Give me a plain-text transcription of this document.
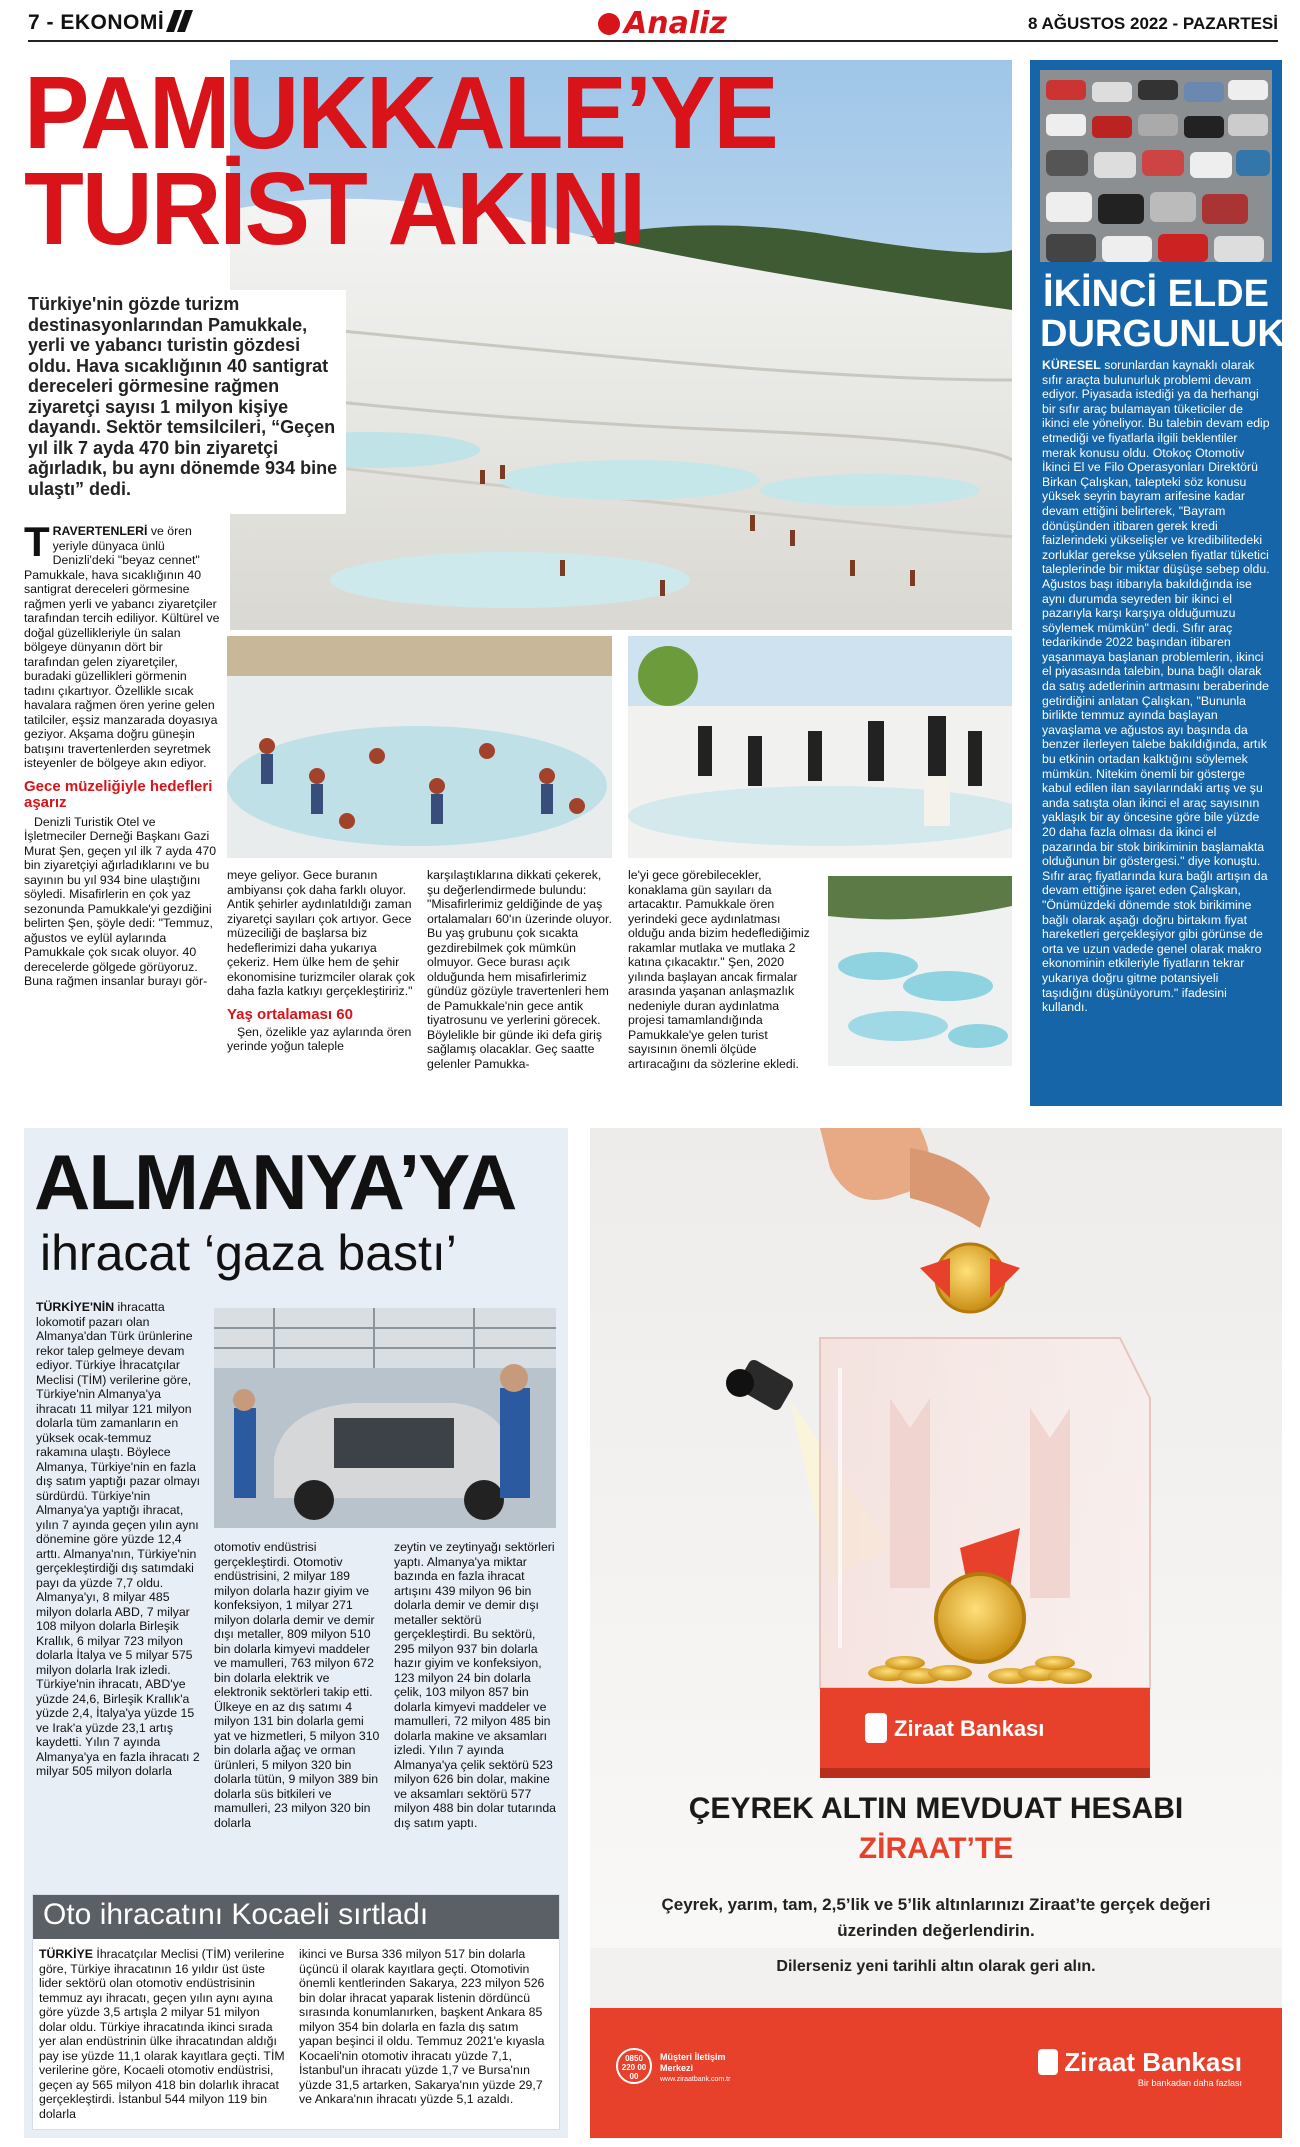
7 - EKONOMİ	Analiz	8 AĞUSTOS 2022 - PAZARTESİ
PAMUKKALE’YE
TURİST AKINI

Türkiye'nin gözde turizm destinasyonlarından Pamukkale, yerli ve yabancı turistin gözdesi oldu. Hava sıcaklığının 40 santigrat dereceleri görmesine rağmen ziyaretçi sayısı 1 milyon kişiye dayandı. Sektör temsilcileri, “Geçen yıl ilk 7 ayda 470 bin ziyaretçi ağırladık, bu aynı dönemde 934 bine ulaştı” dedi.

TRAVERTENLERİ ve ören yeriyle dünyaca ünlü Denizli'deki "beyaz cennet" Pamukkale, hava sıcaklığının 40 santigrat dereceleri görmesine rağmen yerli ve yabancı ziyaretçiler tarafından tercih ediliyor. Kültürel ve doğal güzellikleriyle ün salan bölgeye dünyanın dört bir tarafından gelen ziyaretçiler, buradaki güzellikleri görmenin tadını çıkartıyor. Özellikle sıcak havalara rağmen ören yerine gelen tatilciler, eşsiz manzarada doyasıya geziyor. Akşama doğru güneşin batışını travertenlerden seyretmek isteyenler de bölgeye akın ediyor.

Gece müzeliğiyle hedefleri aşarız

Denizli Turistik Otel ve İşletmeciler Derneği Başkanı Gazi Murat Şen, geçen yıl ilk 7 ayda 470 bin ziyaretçiyi ağırladıklarını ve bu sayının bu yıl 934 bine ulaştığını söyledi. Misafirlerin en çok yaz sezonunda Pamukkale'yi gezdiğini belirten Şen, şöyle dedi: "Temmuz, ağustos ve eylül aylarında Pamukkale çok sıcak oluyor. 40 derecelerde gölgede görüyoruz. Buna rağmen insanlar burayı gör-

meye geliyor. Gece buranın ambiyansı çok daha farklı oluyor. Antik şehirler aydınlatıldığı zaman ziyaretçi sayıları çok artıyor. Gece müzeciliği de başlarsa biz hedeflerimizi daha yukarıya çekeriz. Hem ülke hem de şehir ekonomisine turizmciler olarak çok daha fazla katkıyı gerçekleştiririz."

Yaş ortalaması 60

Şen, özelikle yaz aylarında ören yerinde yoğun taleple

karşılaştıklarına dikkati çekerek, şu değerlendirmede bulundu: "Misafirlerimiz geldiğinde de yaş ortalamaları 60'ın üzerinde oluyor. Bu yaş grubunu çok sıcakta gezdirebilmek çok mümkün olmuyor. Gece burası açık olduğunda hem misafirlerimiz gündüz gözüyle travertenleri hem de Pamukkale'nin gece antik tiyatrosunu ve yerlerini görecek. Böylelikle bir günde iki defa giriş sağlamış olacaklar. Geç saatte gelenler Pamukka-

le'yi gece görebilecekler, konaklama gün sayıları da artacaktır. Pamukkale ören yerindeki gece aydınlatması olduğu anda bizim hedeflediğimiz rakamlar mutlaka ve mutlaka 2 katına çıkacaktır." Şen, 2020 yılında başlayan ancak firmalar arasında yaşanan anlaşmazlık nedeniyle duran aydınlatma projesi tamamlandığında Pamukkale'ye gelen turist sayısının önemli ölçüde artıracağını da sözlerine ekledi.

İKİNCİ ELDE
DURGUNLUK

KÜRESEL sorunlardan kaynaklı olarak sıfır araçta bulunurluk problemi devam ediyor. Piyasada istediği ya da herhangi bir sıfır araç bulamayan tüketiciler de ikinci ele yöneliyor. Bu talebin devam edip etmediği ve fiyatlarla ilgili beklentiler merak konusu oldu. Otokoç Otomotiv İkinci El ve Filo Operasyonları Direktörü Birkan Çalışkan, talepteki söz konusu yüksek seyrin bayram arifesine kadar devam ettiğini belirterek, "Bayram dönüşünden itibaren gerek kredi faizlerindeki yükselişler ve kredibilitedeki zorluklar gerekse yükselen fiyatlar tüketici taleplerinde bir miktar düşüşe sebep oldu. Ağustos başı itibarıyla bakıldığında ise aynı durumda seyreden bir ikinci el pazarıyla karşı karşıya olduğumuzu söylemek mümkün" dedi. Sıfır araç tedarikinde 2022 başından itibaren yaşanmaya başlanan problemlerin, ikinci el piyasasında talebin, buna bağlı olarak da satış adetlerinin artmasını beraberinde getirdiğini anlatan Çalışkan, "Bununla birlikte temmuz ayında başlayan yavaşlama ve ağustos ayı başında da benzer ilerleyen talebe bakıldığında, artık bu etkinin ortadan kalktığını söylemek mümkün. Nitekim önemli bir gösterge kabul edilen ilan sayılarındaki artış ve şu anda satışta olan ikinci el araç sayısının yaklaşık bir ay öncesine göre bile yüzde 20 daha fazla olması da ikinci el pazarında bir stok birikiminin başlamakta olduğunun bir göstergesi." diye konuştu. Sıfır araç fiyatlarında kura bağlı artışın da devam ettiğine işaret eden Çalışkan, "Önümüzdeki dönemde stok birikimine bağlı olarak aşağı doğru birtakım fiyat hareketleri gerçekleşiyor gibi görünse de orta ve uzun vadede genel olarak makro ekonominin etkileriyle fiyatların tekrar yukarıya doğru gitme potansiyeli taşıdığını düşünüyorum." ifadesini kullandı.

ALMANYA’YA
ihracat ‘gaza bastı’

TÜRKİYE'NİN ihracatta lokomotif pazarı olan Almanya'dan Türk ürünlerine rekor talep gelmeye devam ediyor. Türkiye İhracatçılar Meclisi (TİM) verilerine göre, Türkiye'nin Almanya'ya ihracatı 11 milyar 121 milyon dolarla tüm zamanların en yüksek ocak-temmuz rakamına ulaştı. Böylece Almanya, Türkiye'nin en fazla dış satım yaptığı pazar olmayı sürdürdü. Türkiye'nin Almanya'ya yaptığı ihracat, yılın 7 ayında geçen yılın aynı dönemine göre yüzde 12,4 arttı. Almanya'nın, Türkiye'nin gerçekleştirdiği dış satımdaki payı da yüzde 7,7 oldu. Almanya'yı, 8 milyar 485 milyon dolarla ABD, 7 milyar 108 milyon dolarla Birleşik Krallık, 6 milyar 723 milyon dolarla İtalya ve 5 milyar 575 milyon dolarla Irak izledi. Türkiye'nin ihracatı, ABD'ye yüzde 24,6, Birleşik Krallık'a yüzde 2,4, İtalya'ya yüzde 15 ve Irak'a yüzde 23,1 artış kaydetti. Yılın 7 ayında Almanya'ya en fazla ihracatı 2 milyar 505 milyon dolarla

otomotiv endüstrisi gerçekleştirdi. Otomotiv endüstrisini, 2 milyar 189 milyon dolarla hazır giyim ve konfeksiyon, 1 milyar 271 milyon dolarla demir ve demir dışı metaller, 809 milyon 510 bin dolarla kimyevi maddeler ve mamulleri, 763 milyon 672 bin dolarla elektrik ve elektronik sektörleri takip etti. Ülkeye en az dış satımı 4 milyon 131 bin dolarla gemi yat ve hizmetleri, 5 milyon 310 bin dolarla ağaç ve orman ürünleri, 5 milyon 320 bin dolarla tütün, 9 milyon 389 bin dolarla süs bitkileri ve mamulleri, 23 milyon 320 bin dolarla

zeytin ve zeytinyağı sektörleri yaptı. Almanya'ya miktar bazında en fazla ihracat artışını 439 milyon 96 bin dolarla demir ve demir dışı metaller sektörü gerçekleştirdi. Bu sektörü, 295 milyon 937 bin dolarla hazır giyim ve konfeksiyon, 123 milyon 24 bin dolarla çelik, 103 milyon 857 bin dolarla kimyevi maddeler ve mamulleri, 72 milyon 485 bin dolarla makine ve aksamları izledi. Yılın 7 ayında Almanya'ya çelik sektörü 523 milyon 626 bin dolar, makine ve aksamları sektörü 577 milyon 488 bin dolar tutarında dış satım yaptı.

Oto ihracatını Kocaeli sırtladı

TÜRKİYE İhracatçılar Meclisi (TİM) verilerine göre, Türkiye ihracatının 16 yıldır üst üste lider sektörü olan otomotiv endüstrisinin temmuz ayı ihracatı, geçen yılın aynı ayına göre yüzde 3,5 artışla 2 milyar 51 milyon dolar oldu. Türkiye ihracatında ikinci sırada yer alan endüstrinin ülke ihracatından aldığı pay ise yüzde 11,1 olarak kayıtlara geçti. TİM verilerine göre, Kocaeli otomotiv endüstrisi, geçen ay 565 milyon 418 bin dolarlık ihracat gerçekleştirdi. İstanbul 544 milyon 119 bin dolarla

ikinci ve Bursa 336 milyon 517 bin dolarla üçüncü il olarak kayıtlara geçti. Otomotivin önemli kentlerinden Sakarya, 223 milyon 526 bin dolar ihracat yaparak listenin dördüncü sırasında konumlanırken, başkent Ankara 85 milyon 354 bin dolarla en fazla dış satım yapan beşinci il oldu. Temmuz 2021'e kıyasla Kocaeli'nin otomotiv ihracatı yüzde 7,1, İstanbul'un ihracatı yüzde 1,7 ve Bursa'nın yüzde 31,5 artarken, Sakarya'nın yüzde 29,7 ve Ankara'nın ihracatı yüzde 5,1 azaldı.

Ziraat Bankası
ÇEYREK ALTIN MEVDUAT HESABI
ZİRAAT’TE
Çeyrek, yarım, tam, 2,5’lik ve 5’lik altınlarınızı Ziraat’te gerçek değeri üzerinden değerlendirin.
Dilerseniz yeni tarihli altın olarak geri alın.
0850 220 00 00
Müşteri İletişim Merkezi
www.ziraatbank.com.tr
Ziraat Bankası
Bir bankadan daha fazlası
/ziraatbankasi
